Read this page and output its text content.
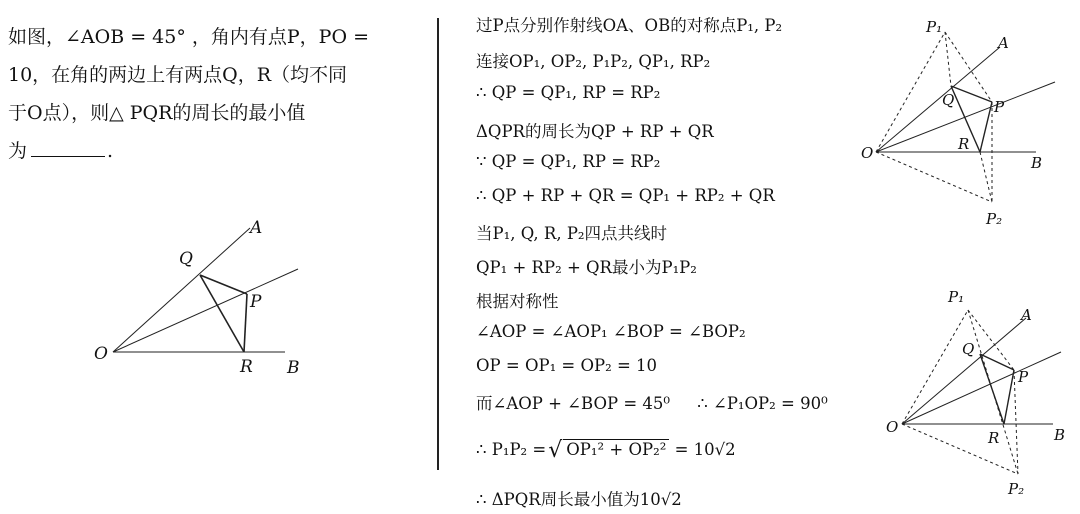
如图，∠AOB = 45° ，角内有点P，PO =
10，在角的两边上有两点Q，R（均不同
于O点），则△ PQR的周长的最小值
为	.
O
A
B
Q
P
R
过P点分别作射线OA、OB的对称点P₁, P₂
连接OP₁, OP₂, P₁P₂, QP₁, RP₂
∴ QP = QP₁, RP = RP₂
ΔQPR的周长为QP + RP + QR
∵ QP = QP₁, RP = RP₂
∴ QP + RP + QR = QP₁ + RP₂ + QR
当P₁, Q, R, P₂四点共线时
QP₁ + RP₂ + QR最小为P₁P₂
根据对称性
∠AOP = ∠AOP₁ ∠BOP = ∠BOP₂
OP = OP₁ = OP₂ = 10
而∠AOP + ∠BOP = 45⁰ ∴ ∠P₁OP₂ = 90⁰
∴ P₁P₂ =√ OP₁² + OP₂² = 10√2
∴ ΔPQR周长最小值为10√2
P₁
A
Q	P
O	R
B
P₂
P₁
A
Q
P
O
R	B
P₂
